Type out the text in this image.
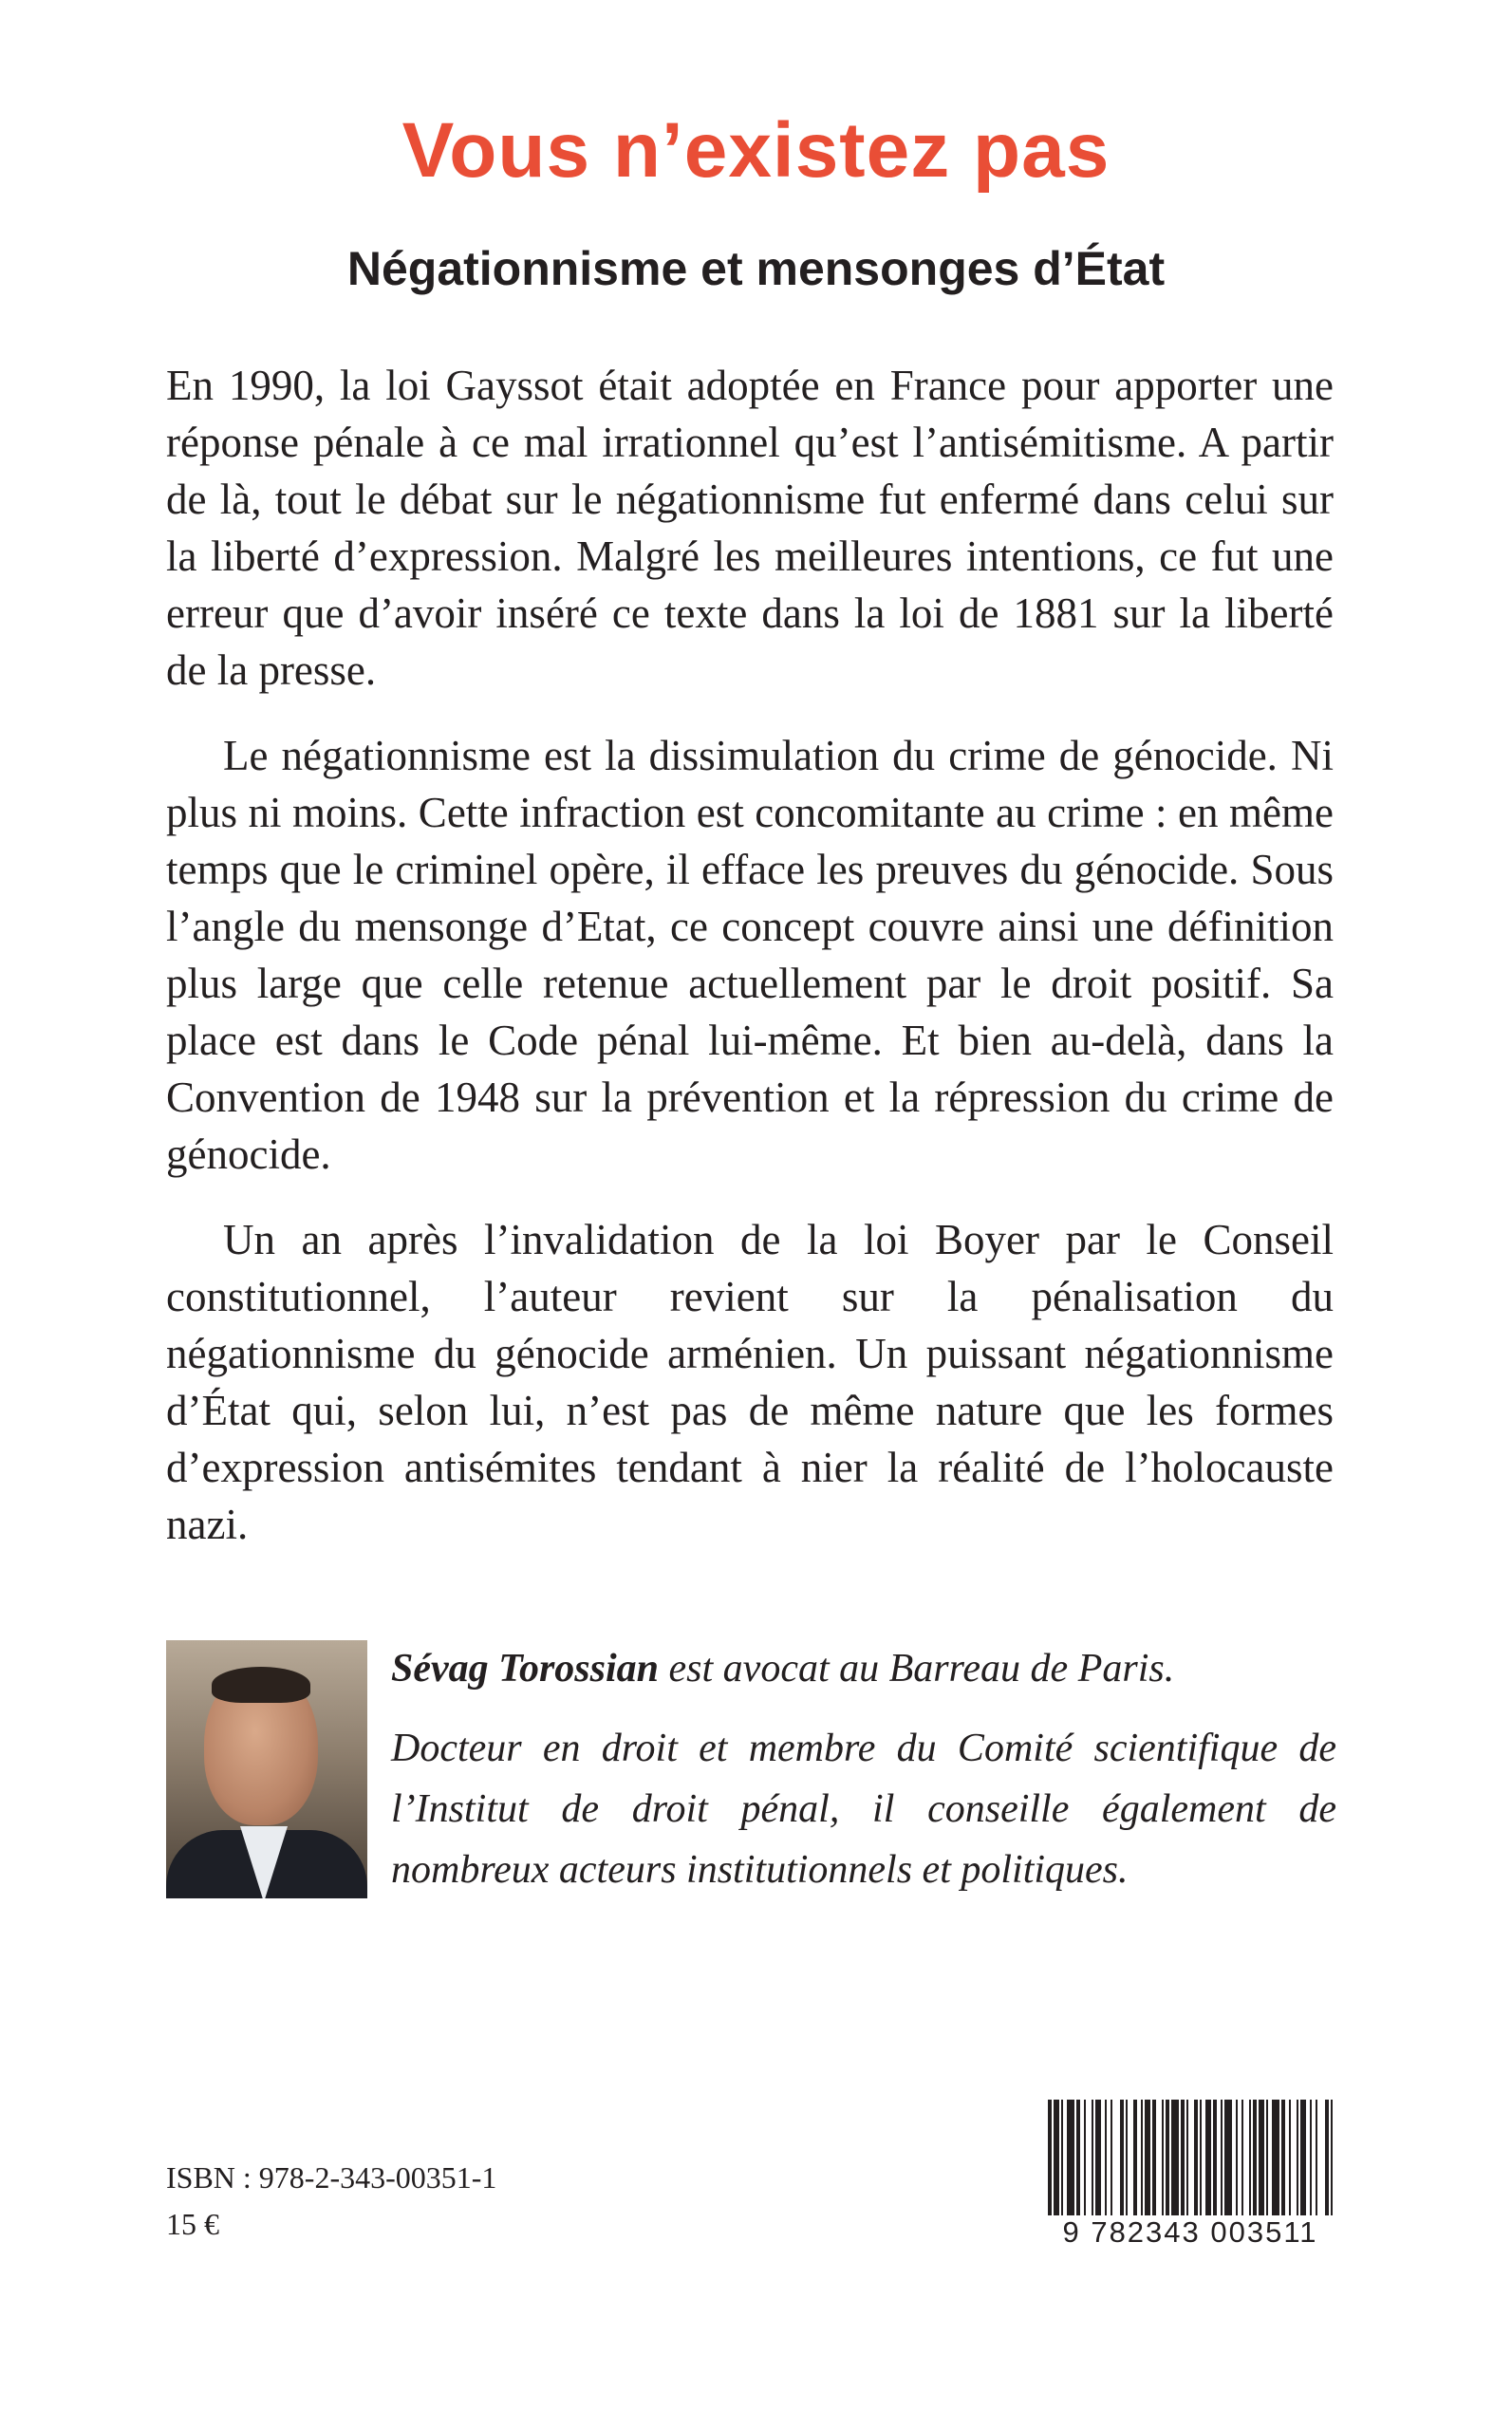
Vous n’existez pas
Négationnisme et mensonges d’État

En 1990, la loi Gayssot était adoptée en France pour apporter une réponse pénale à ce mal irrationnel qu’est l’antisémitisme. A partir de là, tout le débat sur le négationnisme fut enfermé dans celui sur la liberté d’expression. Malgré les meilleures intentions, ce fut une erreur que d’avoir inséré ce texte dans la loi de 1881 sur la liberté de la presse.

Le négationnisme est la dissimulation du crime de génocide. Ni plus ni moins. Cette infraction est concomitante au crime : en même temps que le criminel opère, il efface les preuves du génocide. Sous l’angle du mensonge d’Etat, ce concept couvre ainsi une définition plus large que celle retenue actuellement par le droit positif. Sa place est dans le Code pénal lui-même. Et bien au-delà, dans la Convention de 1948 sur la prévention et la répression du crime de génocide.

Un an après l’invalidation de la loi Boyer par le Conseil constitutionnel, l’auteur revient sur la pénalisation du négationnisme du génocide arménien. Un puissant négationnisme d’État qui, selon lui, n’est pas de même nature que les formes d’expression antisémites tendant à nier la réalité de l’holocauste nazi.

Sévag Torossian est avocat au Barreau de Paris.

Docteur en droit et membre du Comité scientifique de l’Institut de droit pénal, il conseille également de nombreux acteurs institutionnels et politiques.

ISBN : 978-2-343-00351-1
15 €	9 782343 003511
